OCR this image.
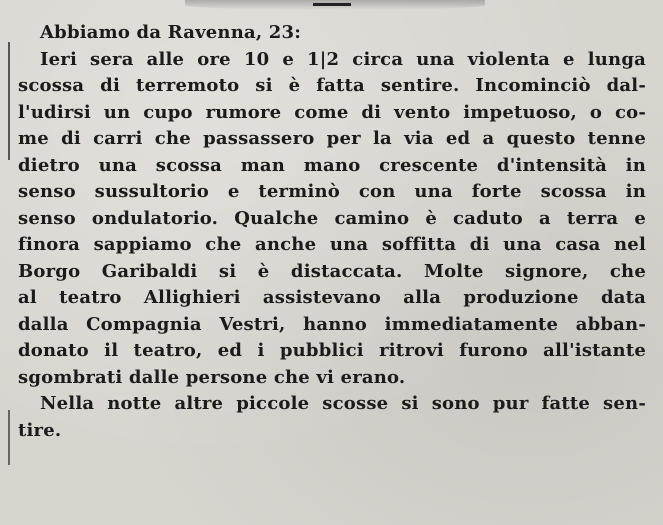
Abbiamo da Ravenna, 23:
Ieri sera alle ore 10 e 1|2 circa una violenta e lunga
scossa di terremoto si è fatta sentire. Incominciò dal-
l'udirsi un cupo rumore come di vento impetuoso, o co-
me di carri che passassero per la via ed a questo tenne
dietro una scossa man mano crescente d'intensità in
senso sussultorio e terminò con una forte scossa in
senso ondulatorio. Qualche camino è caduto a terra e
finora sappiamo che anche una soffitta di una casa nel
Borgo Garibaldi si è distaccata. Molte signore, che
al teatro Allighieri assistevano alla produzione data
dalla Compagnia Vestri, hanno immediatamente abban-
donato il teatro, ed i pubblici ritrovi furono all'istante
sgombrati dalle persone che vi erano.
Nella notte altre piccole scosse si sono pur fatte sen-
tire.
